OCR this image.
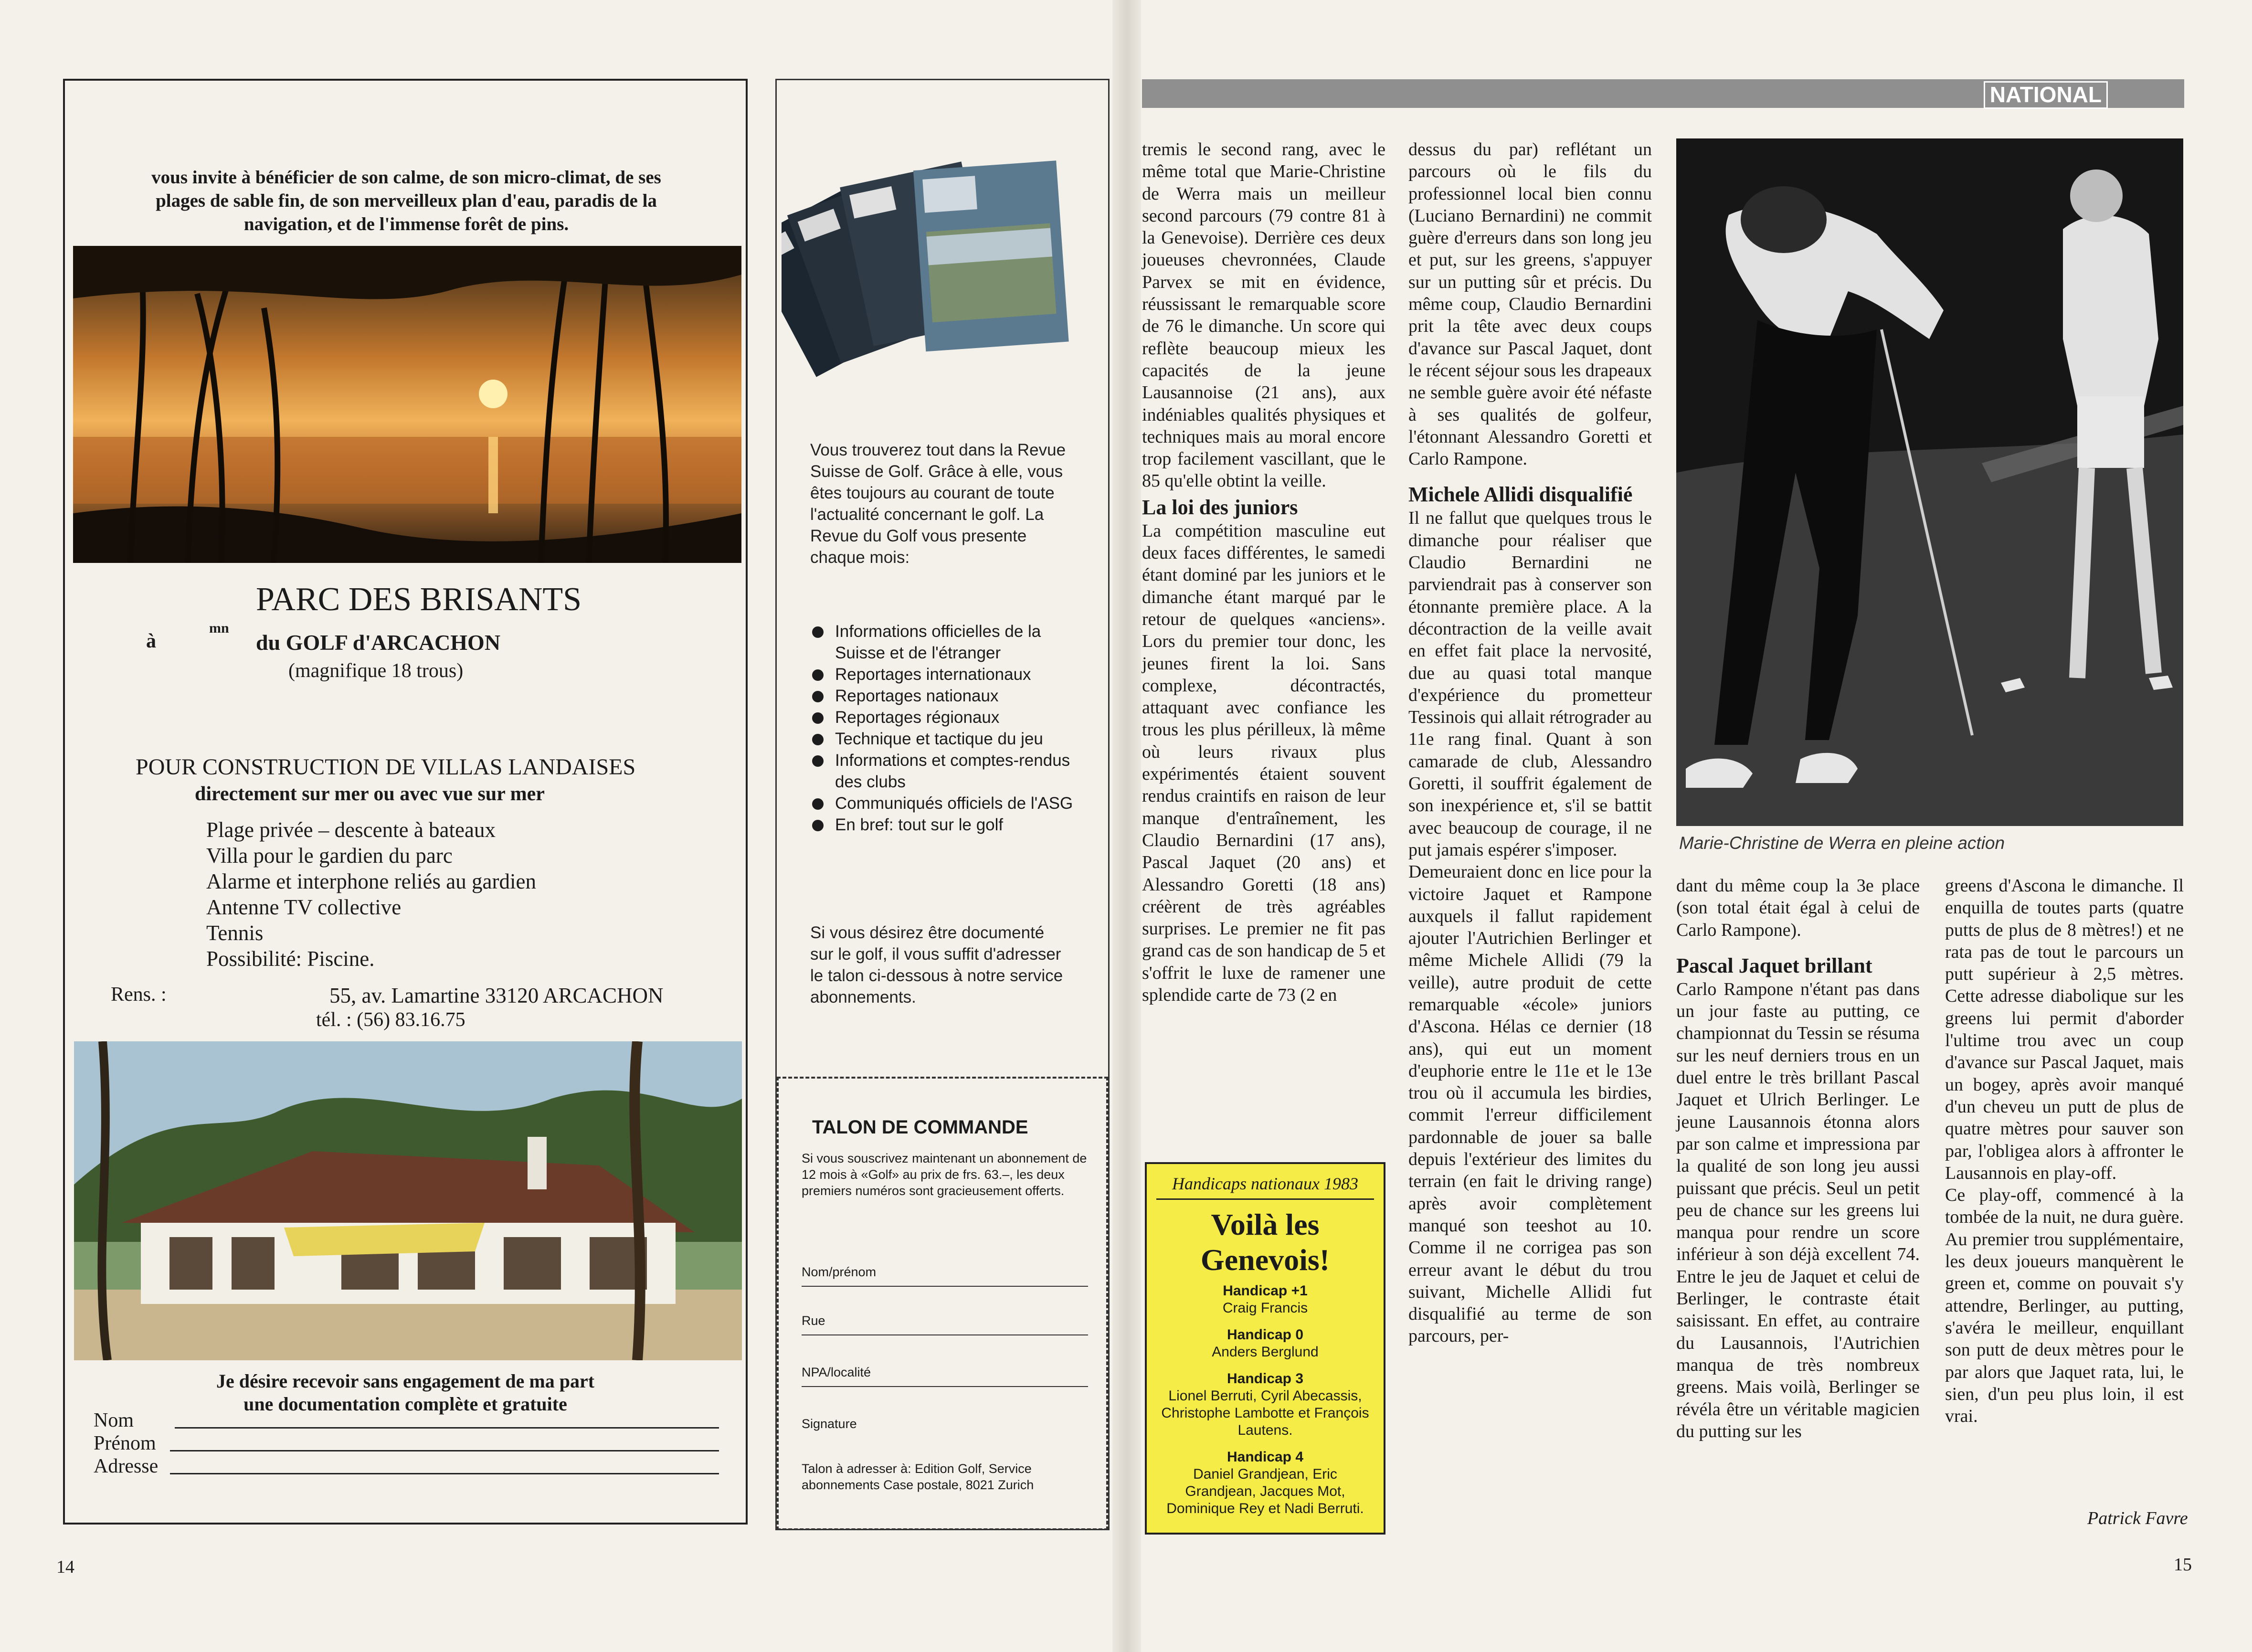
vous invite à bénéficier de son calme, de son micro-climat, de ses
plages de sable fin, de son merveilleux plan d'eau, paradis de la
navigation, et de l'immense forêt de pins.
PARC DES BRISANTS
à
mn
du GOLF d'ARCACHON
(magnifique 18 trous)
POUR CONSTRUCTION DE VILLAS LANDAISES
directement sur mer ou avec vue sur mer
Plage privée – descente à bateaux
Villa pour le gardien du parc
Alarme et interphone reliés au gardien
Antenne TV collective
Tennis
Possibilité: Piscine.
Rens. :	55, av. Lamartine 33120 ARCACHON
tél. : (56) 83.16.75
Je désire recevoir sans engagement de ma part
une documentation complète et gratuite
Nom
Prénom
Adresse
Vous trouverez tout dans la Revue Suisse de Golf. Grâce à elle, vous êtes toujours au courant de toute l'actualité concernant le golf. La Revue du Golf vous presente chaque mois:
Informations officielles de la Suisse et de l'étranger
Reportages internationaux
Reportages nationaux
Reportages régionaux
Technique et tactique du jeu
Informations et comptes-rendus des clubs
Communiqués officiels de l'ASG
En bref: tout sur le golf
Si vous désirez être documenté sur le golf, il vous suffit d'adresser le talon ci-dessous à notre service abonnements.
TALON DE COMMANDE
Si vous souscrivez maintenant un abonnement de 12 mois à «Golf» au prix de frs. 63.–, les deux premiers numéros sont gracieusement offerts.
Nom/prénom
Rue
NPA/localité
Signature
Talon à adresser à: Edition Golf, Service abonnements Case postale, 8021 Zurich
14
NATIONAL

tremis le second rang, avec le même total que Marie-Christine de Werra mais un meilleur second parcours (79 contre 81 à la Genevoise). Derrière ces deux joueuses chevronnées, Claude Parvex se mit en évidence, réussissant le remarquable score de 76 le dimanche. Un score qui reflète beaucoup mieux les capacités de la jeune Lausannoise (21 ans), aux indéniables qualités physiques et techniques mais au moral encore trop facilement vascillant, que le 85 qu'elle obtint la veille.

La loi des juniors

La compétition masculine eut deux faces différentes, le samedi étant dominé par les juniors et le dimanche étant marqué par le retour de quelques «anciens». Lors du premier tour donc, les jeunes firent la loi. Sans complexe, décontractés, attaquant avec confiance les trous les plus périlleux, là même où leurs rivaux plus expérimentés étaient souvent rendus craintifs en raison de leur manque d'entraînement, les Claudio Bernardini (17 ans), Pascal Jaquet (20 ans) et Alessandro Goretti (18 ans) créèrent de très agréables surprises. Le premier ne fit pas grand cas de son handicap de 5 et s'offrit le luxe de ramener une splendide carte de 73 (2 en

Handicaps nationaux 1983
Voilà les Genevois!
Handicap +1
Craig Francis
Handicap 0
Anders Berglund
Handicap 3
Lionel Berruti, Cyril Abecassis, Christophe Lambotte et François Lautens.
Handicap 4
Daniel Grandjean, Eric Grandjean, Jacques Mot, Dominique Rey et Nadi Berruti.

dessus du par) reflétant un parcours où le fils du professionnel local bien connu (Luciano Bernardini) ne commit guère d'erreurs dans son long jeu et put, sur les greens, s'appuyer sur un putting sûr et précis. Du même coup, Claudio Bernardini prit la tête avec deux coups d'avance sur Pascal Jaquet, dont le récent séjour sous les drapeaux ne semble guère avoir été néfaste à ses qualités de golfeur, l'étonnant Alessandro Goretti et Carlo Rampone.

Michele Allidi disqualifié

Il ne fallut que quelques trous le dimanche pour réaliser que Claudio Bernardini ne parviendrait pas à conserver son étonnante première place. A la décontraction de la veille avait en effet fait place la nervosité, due au quasi total manque d'expérience du prometteur Tessinois qui allait rétrograder au 11e rang final. Quant à son camarade de club, Alessandro Goretti, il souffrit également de son inexpérience et, s'il se battit avec beaucoup de courage, il ne put jamais espérer s'imposer.

Demeuraient donc en lice pour la victoire Jaquet et Rampone auxquels il fallut rapidement ajouter l'Autrichien Berlinger et même Michele Allidi (79 la veille), autre produit de cette remarquable «école» juniors d'Ascona. Hélas ce dernier (18 ans), qui eut un moment d'euphorie entre le 11e et le 13e trou où il accumula les birdies, commit l'erreur difficilement pardonnable de jouer sa balle depuis l'extérieur des limites du terrain (en fait le driving range) après avoir complètement manqué son teeshot au 10. Comme il ne corrigea pas son erreur avant le début du trou suivant, Michelle Allidi fut disqualifié au terme de son parcours, per-

Marie-Christine de Werra en pleine action

dant du même coup la 3e place (son total était égal à celui de Carlo Rampone).

Pascal Jaquet brillant

Carlo Rampone n'étant pas dans un jour faste au putting, ce championnat du Tessin se résuma sur les neuf derniers trous en un duel entre le très brillant Pascal Jaquet et Ulrich Berlinger. Le jeune Lausannois étonna alors par son calme et impressiona par la qualité de son long jeu aussi puissant que précis. Seul un petit peu de chance sur les greens lui manqua pour rendre un score inférieur à son déjà excellent 74. Entre le jeu de Jaquet et celui de Berlinger, le contraste était saisissant. En effet, au contraire du Lausannois, l'Autrichien manqua de très nombreux greens. Mais voilà, Berlinger se révéla être un véritable magicien du putting sur les

greens d'Ascona le dimanche. Il enquilla de toutes parts (quatre putts de plus de 8 mètres!) et ne rata pas de tout le parcours un putt supérieur à 2,5 mètres. Cette adresse diabolique sur les greens lui permit d'aborder l'ultime trou avec un coup d'avance sur Pascal Jaquet, mais un bogey, après avoir manqué d'un cheveu un putt de plus de quatre mètres pour sauver son par, l'obligea alors à affronter le Lausannois en play-off.

Ce play-off, commencé à la tombée de la nuit, ne dura guère. Au premier trou supplémentaire, les deux joueurs manquèrent le green et, comme on pouvait s'y attendre, Berlinger, au putting, s'avéra le meilleur, enquillant son putt de deux mètres pour le par alors que Jaquet rata, lui, le sien, d'un peu plus loin, il est vrai.

Patrick Favre
15
